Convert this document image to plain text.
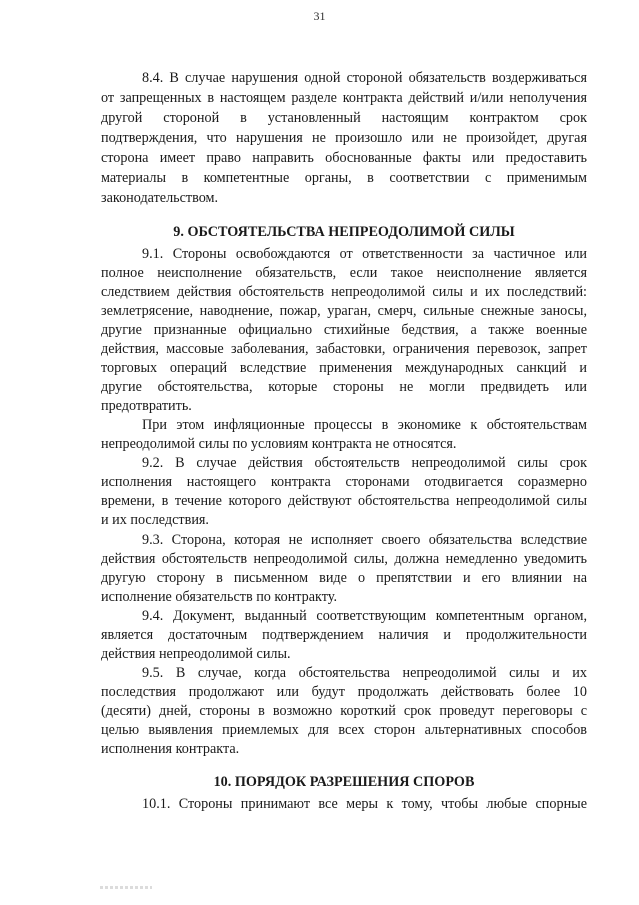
31
8.4. В случае нарушения одной стороной обязательств воздерживаться
от запрещенных в настоящем разделе контракта действий и/или неполучения
другой стороной в установленный настоящим контрактом срок
подтверждения, что нарушения не произошло или не произойдет, другая
сторона имеет право направить обоснованные факты или предоставить
материалы в компетентные органы, в соответствии с применимым
законодательством.
9. ОБСТОЯТЕЛЬСТВА НЕПРЕОДОЛИМОЙ СИЛЫ
9.1. Стороны освобождаются от ответственности за частичное или
полное неисполнение обязательств, если такое неисполнение является
следствием действия обстоятельств непреодолимой силы и их последствий:
землетрясение, наводнение, пожар, ураган, смерч, сильные снежные заносы,
другие признанные официально стихийные бедствия, а также военные
действия, массовые заболевания, забастовки, ограничения перевозок, запрет
торговых операций вследствие применения международных санкций и
другие обстоятельства, которые стороны не могли предвидеть или
предотвратить.
При этом инфляционные процессы в экономике к обстоятельствам
непреодолимой силы по условиям контракта не относятся.
9.2. В случае действия обстоятельств непреодолимой силы срок
исполнения настоящего контракта сторонами отодвигается соразмерно
времени, в течение которого действуют обстоятельства непреодолимой силы
и их последствия.
9.3. Сторона, которая не исполняет своего обязательства вследствие
действия обстоятельств непреодолимой силы, должна немедленно уведомить
другую сторону в письменном виде о препятствии и его влиянии на
исполнение обязательств по контракту.
9.4. Документ, выданный соответствующим компетентным органом,
является достаточным подтверждением наличия и продолжительности
действия непреодолимой силы.
9.5. В случае, когда обстоятельства непреодолимой силы и их
последствия продолжают или будут продолжать действовать более 10
(десяти) дней, стороны в возможно короткий срок проведут переговоры с
целью выявления приемлемых для всех сторон альтернативных способов
исполнения контракта.
10. ПОРЯДОК РАЗРЕШЕНИЯ СПОРОВ
10.1. Стороны принимают все меры к тому, чтобы любые спорные
